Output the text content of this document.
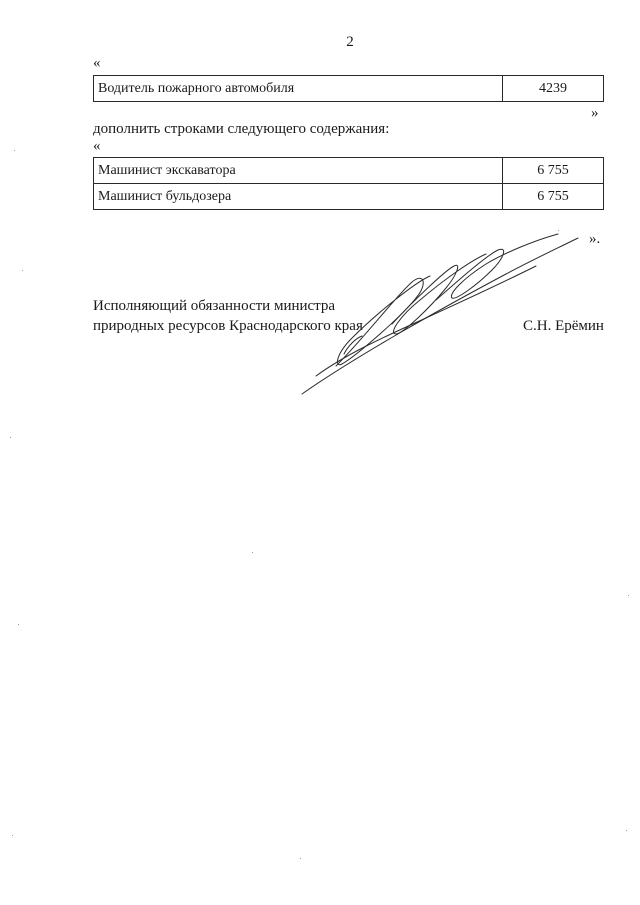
2
«
Водитель пожарного автомобиля	4239
»
дополнить строками следующего содержания:
«
Машинист экскаватора	6 755
Машинист бульдозера	6 755
».
Исполняющий обязанности министра
природных ресурсов Краснодарского края	С.Н. Ерёмин
